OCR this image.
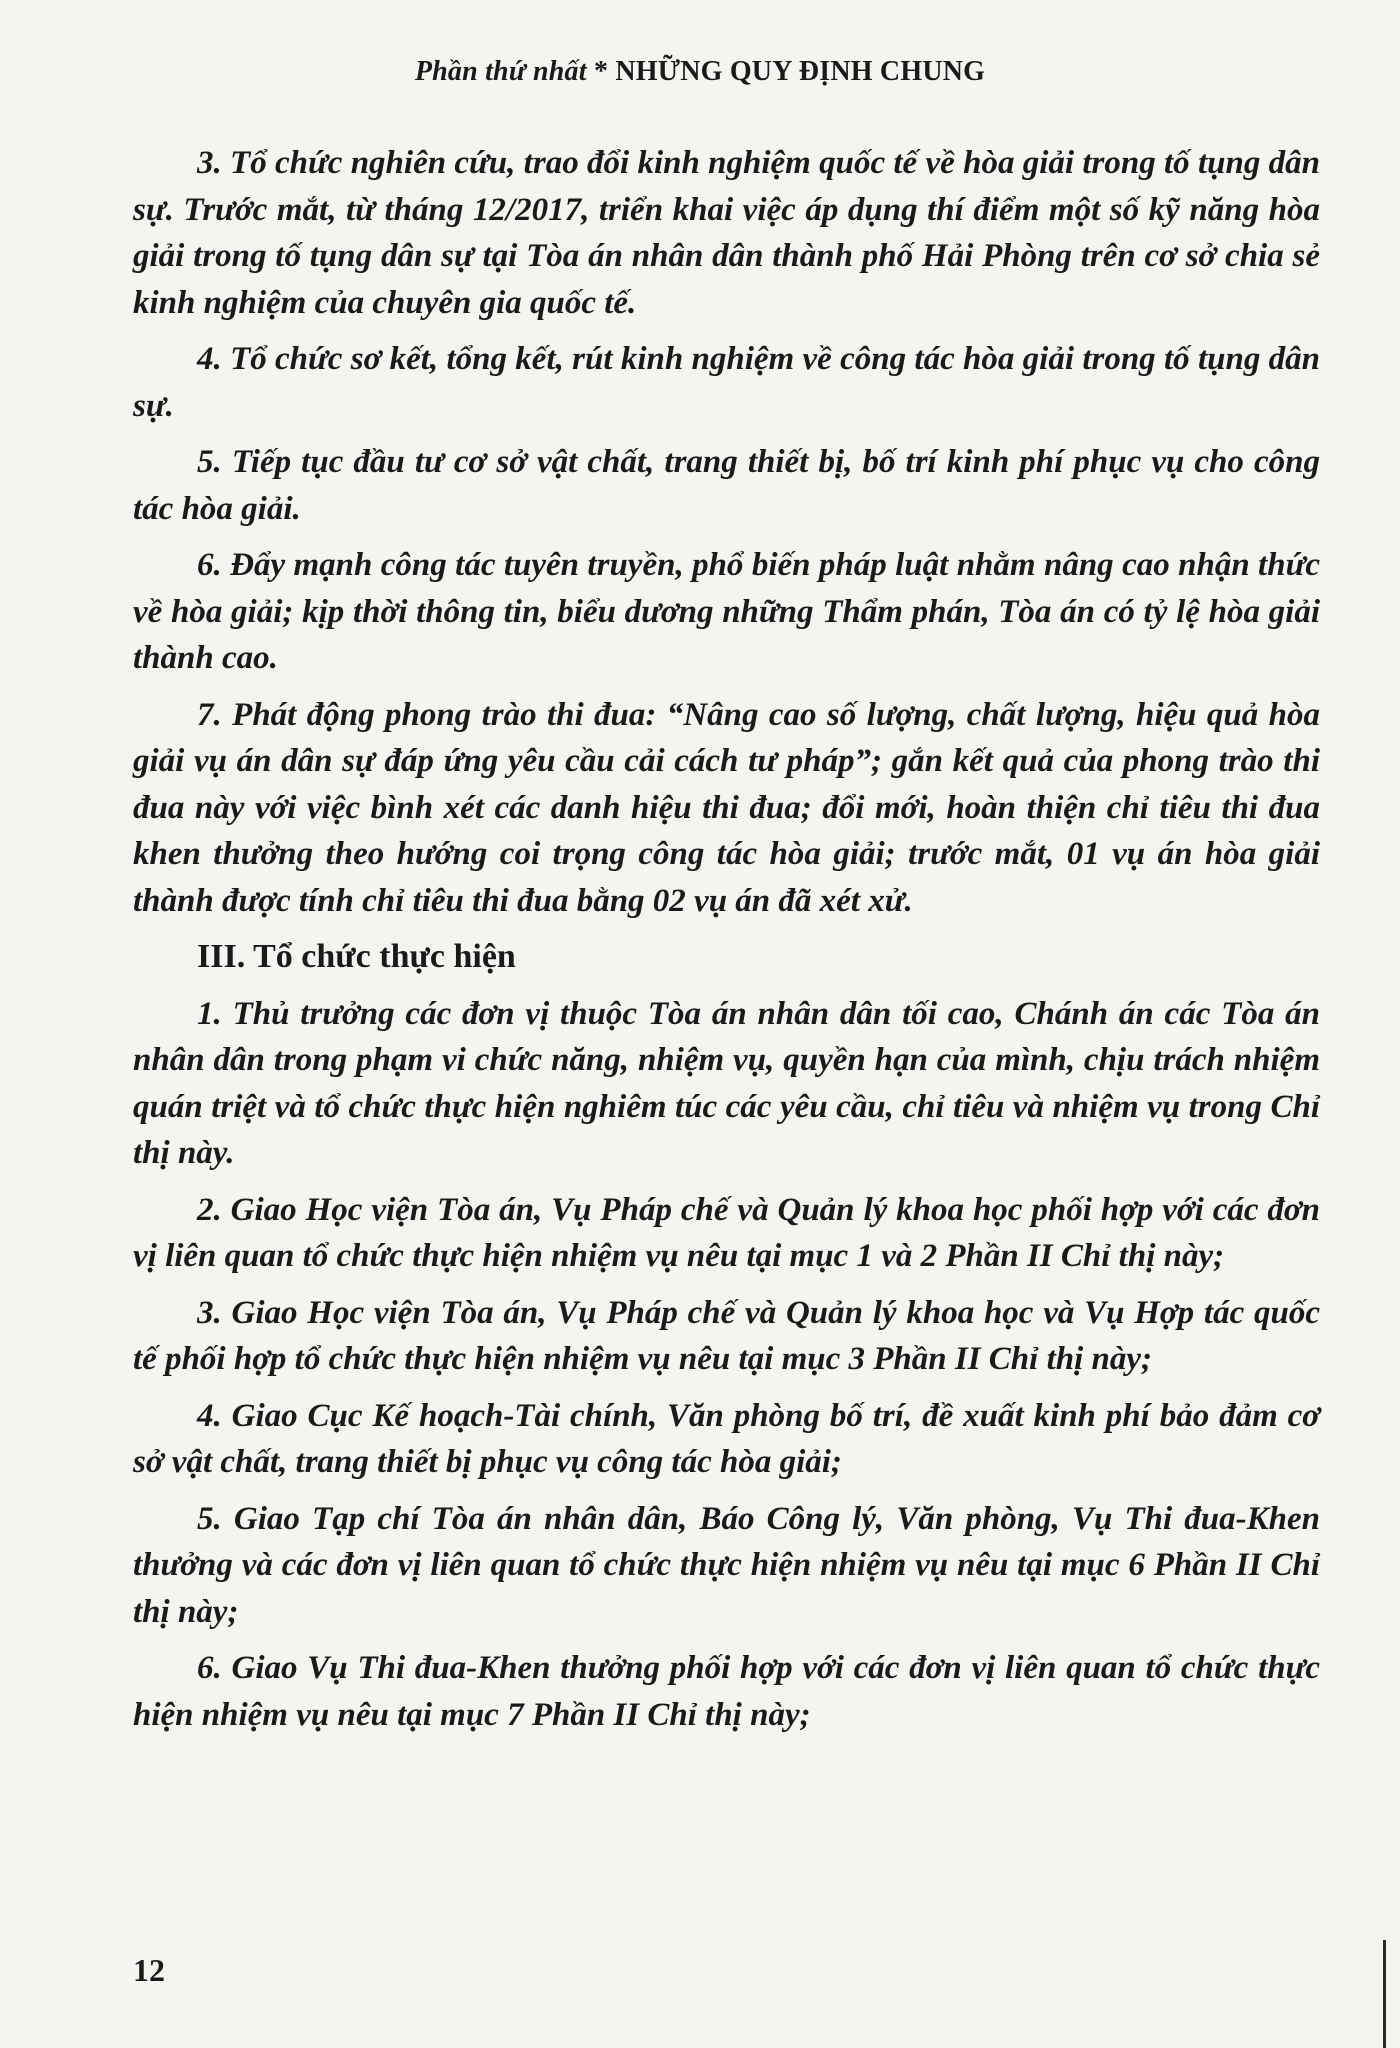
Phần thứ nhất * NHỮNG QUY ĐỊNH CHUNG

3. Tổ chức nghiên cứu, trao đổi kinh nghiệm quốc tế về hòa giải trong tố tụng dân sự. Trước mắt, từ tháng 12/2017, triển khai việc áp dụng thí điểm một số kỹ năng hòa giải trong tố tụng dân sự tại Tòa án nhân dân thành phố Hải Phòng trên cơ sở chia sẻ kinh nghiệm của chuyên gia quốc tế.

4. Tổ chức sơ kết, tổng kết, rút kinh nghiệm về công tác hòa giải trong tố tụng dân sự.

5. Tiếp tục đầu tư cơ sở vật chất, trang thiết bị, bố trí kinh phí phục vụ cho công tác hòa giải.

6. Đẩy mạnh công tác tuyên truyền, phổ biến pháp luật nhằm nâng cao nhận thức về hòa giải; kịp thời thông tin, biểu dương những Thẩm phán, Tòa án có tỷ lệ hòa giải thành cao.

7. Phát động phong trào thi đua: “Nâng cao số lượng, chất lượng, hiệu quả hòa giải vụ án dân sự đáp ứng yêu cầu cải cách tư pháp”; gắn kết quả của phong trào thi đua này với việc bình xét các danh hiệu thi đua; đổi mới, hoàn thiện chỉ tiêu thi đua khen thưởng theo hướng coi trọng công tác hòa giải; trước mắt, 01 vụ án hòa giải thành được tính chỉ tiêu thi đua bằng 02 vụ án đã xét xử.

III. Tổ chức thực hiện

1. Thủ trưởng các đơn vị thuộc Tòa án nhân dân tối cao, Chánh án các Tòa án nhân dân trong phạm vi chức năng, nhiệm vụ, quyền hạn của mình, chịu trách nhiệm quán triệt và tổ chức thực hiện nghiêm túc các yêu cầu, chỉ tiêu và nhiệm vụ trong Chỉ thị này.

2. Giao Học viện Tòa án, Vụ Pháp chế và Quản lý khoa học phối hợp với các đơn vị liên quan tổ chức thực hiện nhiệm vụ nêu tại mục 1 và 2 Phần II Chỉ thị này;

3. Giao Học viện Tòa án, Vụ Pháp chế và Quản lý khoa học và Vụ Hợp tác quốc tế phối hợp tổ chức thực hiện nhiệm vụ nêu tại mục 3 Phần II Chỉ thị này;

4. Giao Cục Kế hoạch-Tài chính, Văn phòng bố trí, đề xuất kinh phí bảo đảm cơ sở vật chất, trang thiết bị phục vụ công tác hòa giải;

5. Giao Tạp chí Tòa án nhân dân, Báo Công lý, Văn phòng, Vụ Thi đua-Khen thưởng và các đơn vị liên quan tổ chức thực hiện nhiệm vụ nêu tại mục 6 Phần II Chỉ thị này;

6. Giao Vụ Thi đua-Khen thưởng phối hợp với các đơn vị liên quan tổ chức thực hiện nhiệm vụ nêu tại mục 7 Phần II Chỉ thị này;

12
